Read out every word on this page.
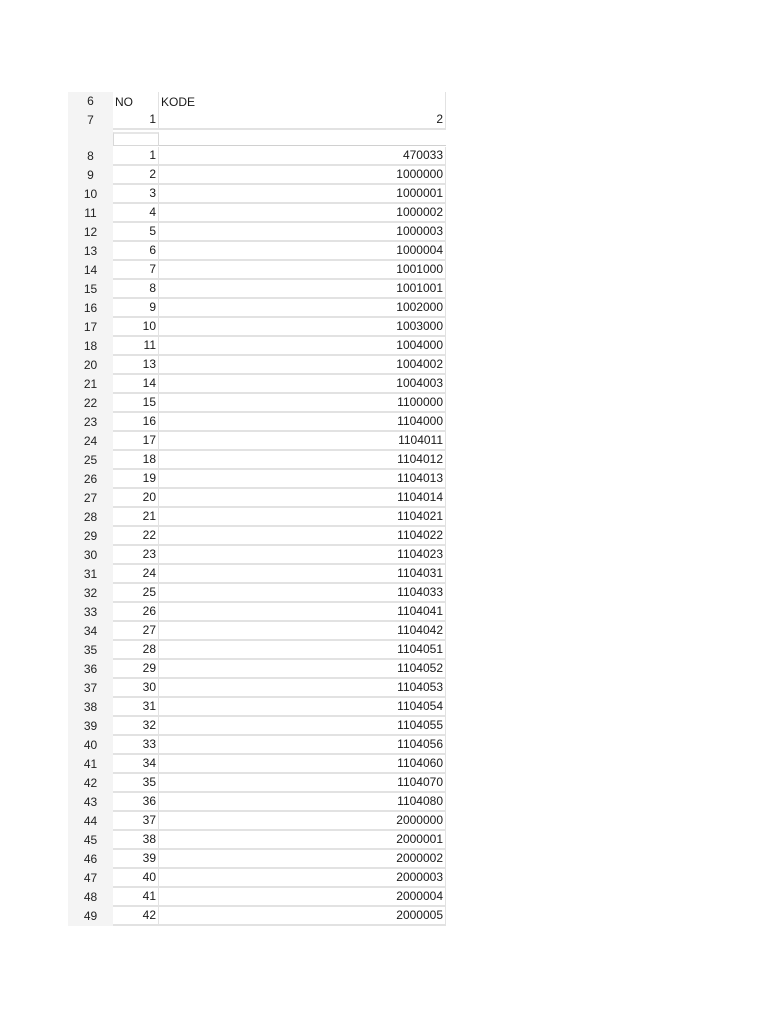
6	NO	KODE
7	1	2
8	1	470033
9	2	1000000
10	3	1000001
11	4	1000002
12	5	1000003
13	6	1000004
14	7	1001000
15	8	1001001
16	9	1002000
17	10	1003000
18	11	1004000
20	13	1004002
21	14	1004003
22	15	1100000
23	16	1104000
24	17	1104011
25	18	1104012
26	19	1104013
27	20	1104014
28	21	1104021
29	22	1104022
30	23	1104023
31	24	1104031
32	25	1104033
33	26	1104041
34	27	1104042
35	28	1104051
36	29	1104052
37	30	1104053
38	31	1104054
39	32	1104055
40	33	1104056
41	34	1104060
42	35	1104070
43	36	1104080
44	37	2000000
45	38	2000001
46	39	2000002
47	40	2000003
48	41	2000004
49	42	2000005
